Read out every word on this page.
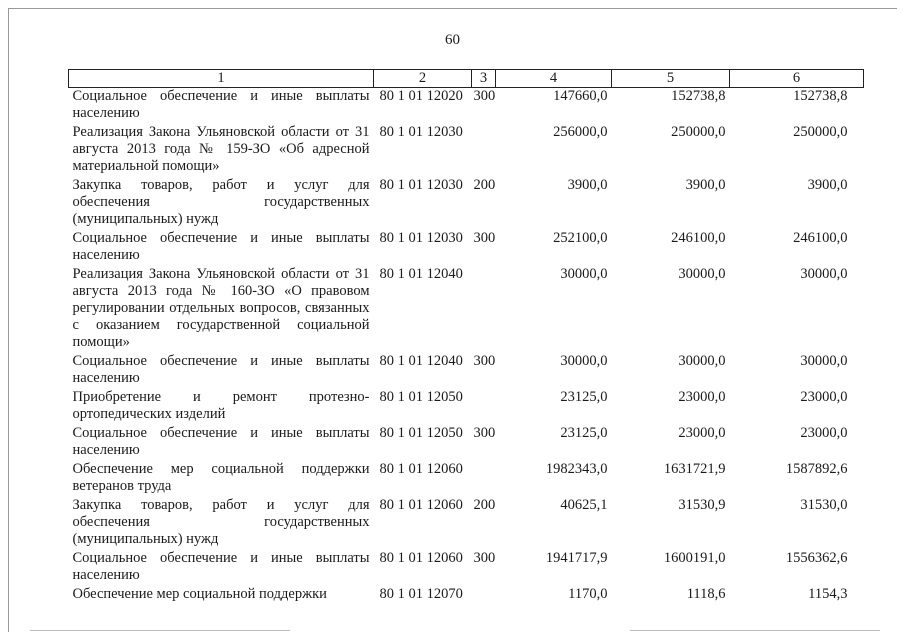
60
1	2	3	4	5	6
Социальное обеспечение и иные выплаты населению	80 1 01 12020	300	147660,0	152738,8	152738,8
Реализация Закона Ульяновской области от 31 августа 2013 года № 159-ЗО «Об адресной материальной помощи»	80 1 01 12030		256000,0	250000,0	250000,0
Закупка товаров, работ и услуг для обеспечения государственных (муниципальных) нужд	80 1 01 12030	200	3900,0	3900,0	3900,0
Социальное обеспечение и иные выплаты населению	80 1 01 12030	300	252100,0	246100,0	246100,0
Реализация Закона Ульяновской области от 31 августа 2013 года № 160-ЗО «О правовом регулировании отдельных вопросов, связанных с оказанием государственной социальной помощи»	80 1 01 12040		30000,0	30000,0	30000,0
Социальное обеспечение и иные выплаты населению	80 1 01 12040	300	30000,0	30000,0	30000,0
Приобретение и ремонт протезно-ортопедических изделий	80 1 01 12050		23125,0	23000,0	23000,0
Социальное обеспечение и иные выплаты населению	80 1 01 12050	300	23125,0	23000,0	23000,0
Обеспечение мер социальной поддержки ветеранов труда	80 1 01 12060		1982343,0	1631721,9	1587892,6
Закупка товаров, работ и услуг для обеспечения государственных (муниципальных) нужд	80 1 01 12060	200	40625,1	31530,9	31530,0
Социальное обеспечение и иные выплаты населению	80 1 01 12060	300	1941717,9	1600191,0	1556362,6
Обеспечение мер социальной поддержки	80 1 01 12070		1170,0	1118,6	1154,3
